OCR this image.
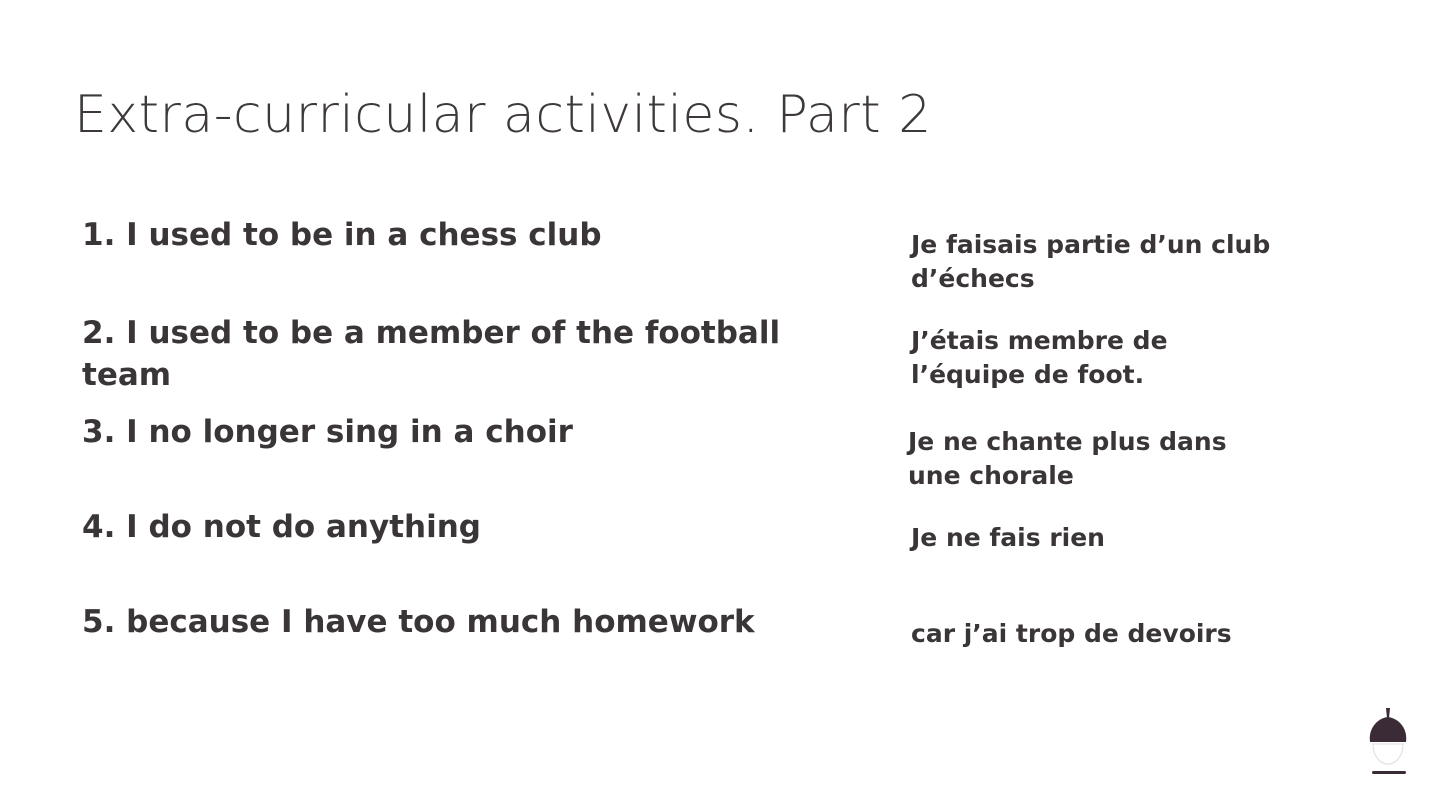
Extra-curricular activities. Part 2

1. I used to be in a chess club

2. I used to be a member of the football team

3. I no longer sing in a choir

4. I do not do anything

5. because I have too much homework

Je faisais partie d’un club d’échecs

J’étais membre de l’équipe de foot.

Je ne chante plus dans une chorale

Je ne fais rien

car j’ai trop de devoirs
